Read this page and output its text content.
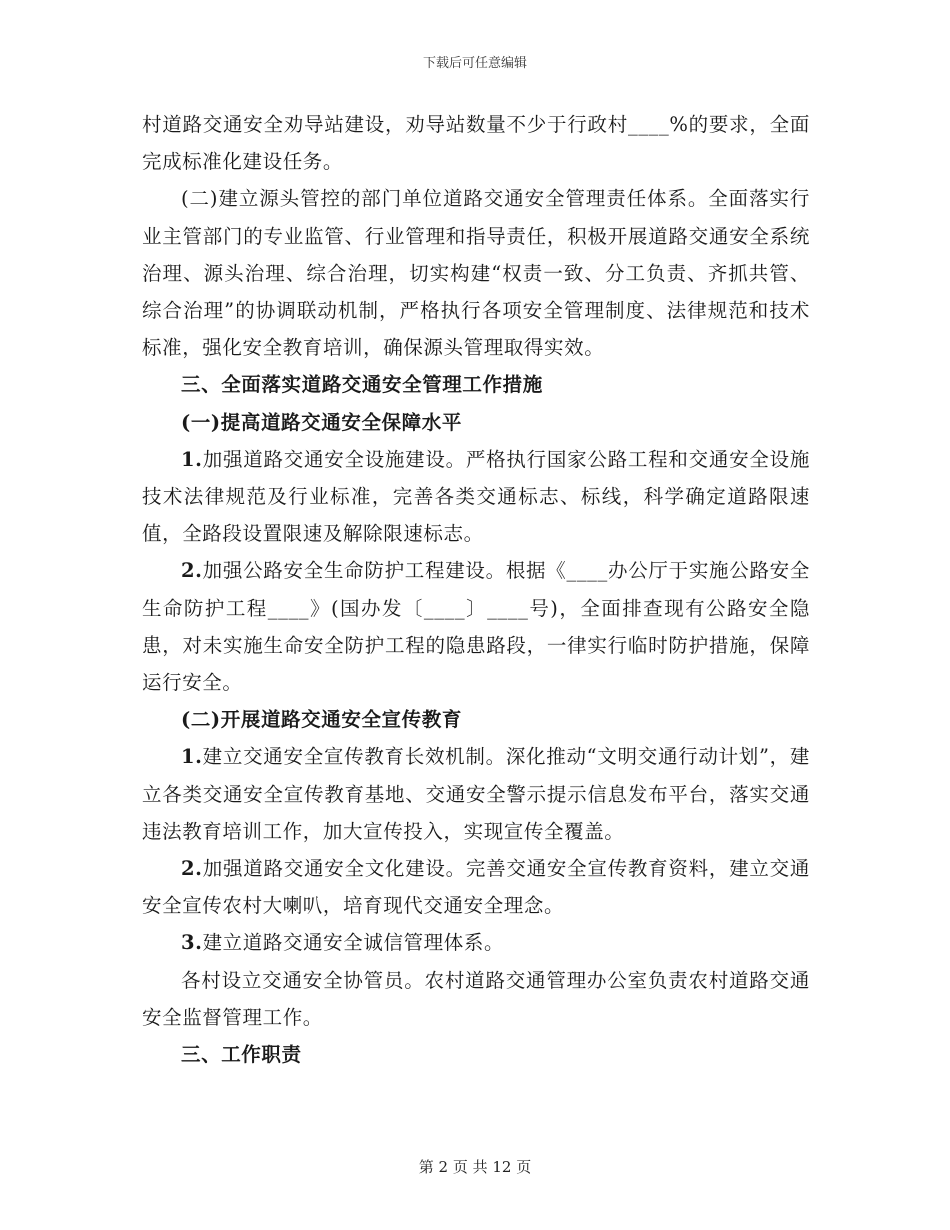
下载后可任意编辑

村道路交通安全劝导站建设，劝导站数量不少于行政村____%的要求，全面完成标准化建设任务。

(二)建立源头管控的部门单位道路交通安全管理责任体系。全面落实行业主管部门的专业监管、行业管理和指导责任，积极开展道路交通安全系统治理、源头治理、综合治理，切实构建“权责一致、分工负责、齐抓共管、综合治理”的协调联动机制，严格执行各项安全管理制度、法律规范和技术标准，强化安全教育培训，确保源头管理取得实效。

三、全面落实道路交通安全管理工作措施

(一)提高道路交通安全保障水平

1.加强道路交通安全设施建设。严格执行国家公路工程和交通安全设施技术法律规范及行业标准，完善各类交通标志、标线，科学确定道路限速值，全路段设置限速及解除限速标志。

2.加强公路安全生命防护工程建设。根据《____办公厅于实施公路安全生命防护工程____》(国办发〔____〕____号)，全面排查现有公路安全隐患，对未实施生命安全防护工程的隐患路段，一律实行临时防护措施，保障运行安全。

(二)开展道路交通安全宣传教育

1.建立交通安全宣传教育长效机制。深化推动“文明交通行动计划”，建立各类交通安全宣传教育基地、交通安全警示提示信息发布平台，落实交通违法教育培训工作，加大宣传投入，实现宣传全覆盖。

2.加强道路交通安全文化建设。完善交通安全宣传教育资料，建立交通安全宣传农村大喇叭，培育现代交通安全理念。

3.建立道路交通安全诚信管理体系。

各村设立交通安全协管员。农村道路交通管理办公室负责农村道路交通安全监督管理工作。

三、工作职责

第 2 页 共 12 页
